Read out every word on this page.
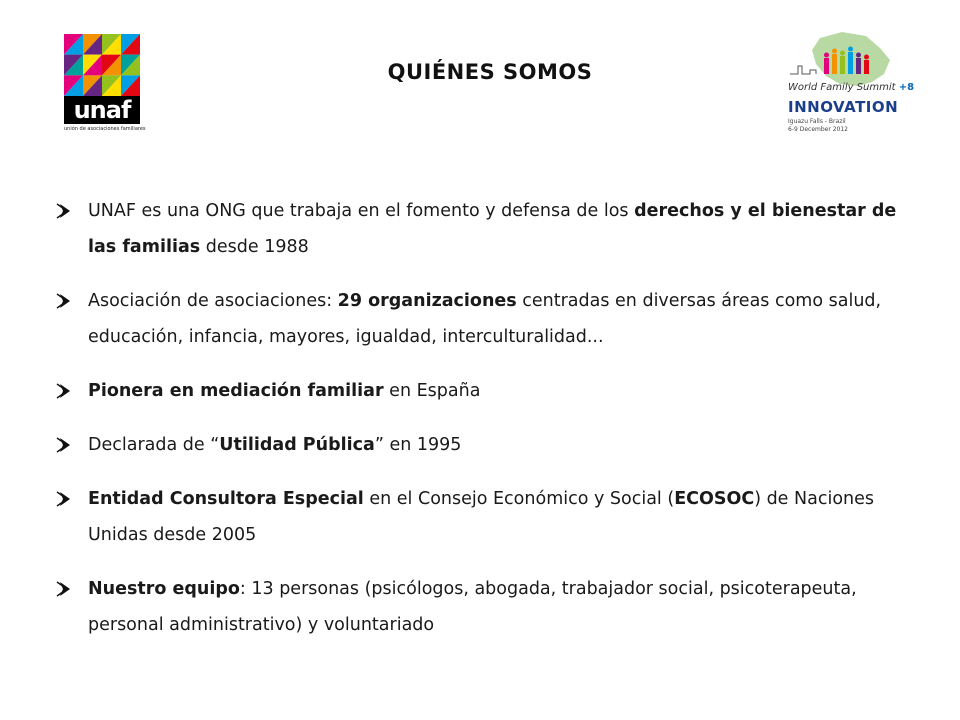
unaf
unión de asociaciones familiares
QUIÉNES SOMOS
World Family Summit +8
INNOVATION
Iguazu Falls - Brazil
6-9 December 2012
UNAF es una ONG que trabaja en el fomento y defensa de los derechos y el bienestar de las familias desde 1988
Asociación de asociaciones: 29 organizaciones centradas en diversas áreas como salud, educación, infancia, mayores, igualdad, interculturalidad...
Pionera en mediación familiar en España
Declarada de “Utilidad Pública” en 1995
Entidad Consultora Especial en el Consejo Económico y Social (ECOSOC) de Naciones Unidas desde 2005
Nuestro equipo: 13 personas (psicólogos, abogada, trabajador social, psicoterapeuta, personal administrativo) y voluntariado
